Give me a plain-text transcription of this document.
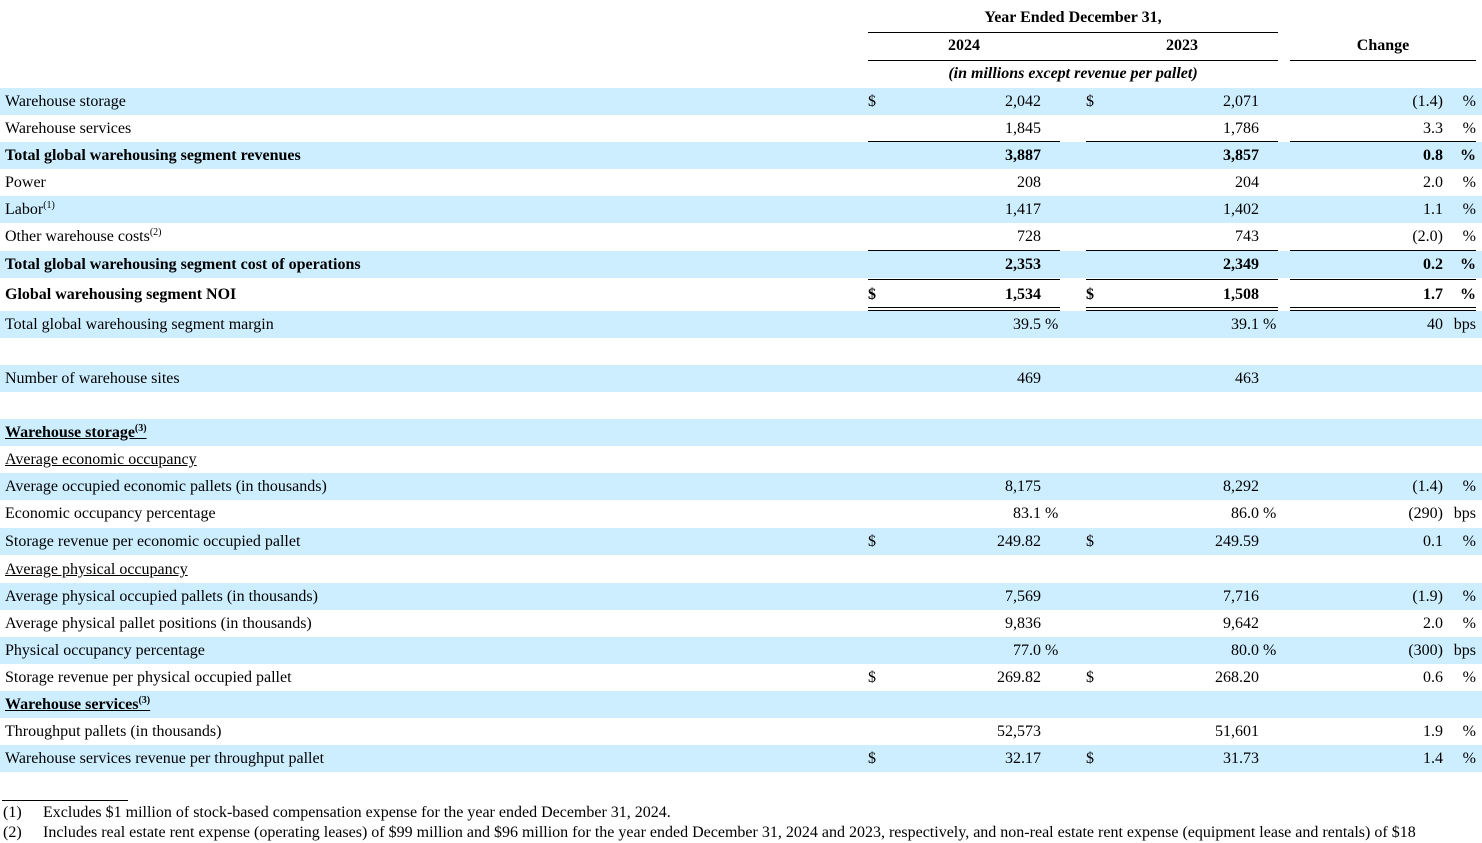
Year Ended December 31,
2024	2023	Change
(in millions except revenue per pallet)
Warehouse storage	$	2,042	$	2,071	(1.4)	%
Warehouse services	1,845	1,786	3.3	%
Total global warehousing segment revenues	3,887	3,857	0.8	%
Power	208	204	2.0	%
Labor$^{(1)}$	1,417	1,402	1.1	%
Other warehouse costs$^{(2)}$	728	743	(2.0)	%
Total global warehousing segment cost of operations	2,353	2,349	0.2	%
Global warehousing segment NOI	$	1,534	$	1,508	1.7	%
Total global warehousing segment margin	39.5 %	39.1 %	40 bps
Number of warehouse sites	469	463
Warehouse storage$^{(3)}$
Average economic occupancy
Average occupied economic pallets (in thousands)	8,175	8,292	(1.4)	%
Economic occupancy percentage	83.1 %	86.0 %	(290) bps
Storage revenue per economic occupied pallet	$	249.82	$	249.59	0.1	%
Average physical occupancy
Average physical occupied pallets (in thousands)	7,569	7,716	(1.9)	%
Average physical pallet positions (in thousands)	9,836	9,642	2.0	%
Physical occupancy percentage	77.0 %	80.0 %	(300) bps
Storage revenue per physical occupied pallet	$	269.82	$	268.20	0.6	%
Warehouse services$^{(3)}$
Throughput pallets (in thousands)	52,573	51,601	1.9	%
Warehouse services revenue per throughput pallet	$	32.17	$	31.73	1.4	%
(1) Excludes $1 million of stock-based compensation expense for the year ended December 31, 2024.
(2) Includes real estate rent expense (operating leases) of $99 million and $96 million for the year ended December 31, 2024 and 2023, respectively, and non-real estate rent expense (equipment lease and rentals) of $18
